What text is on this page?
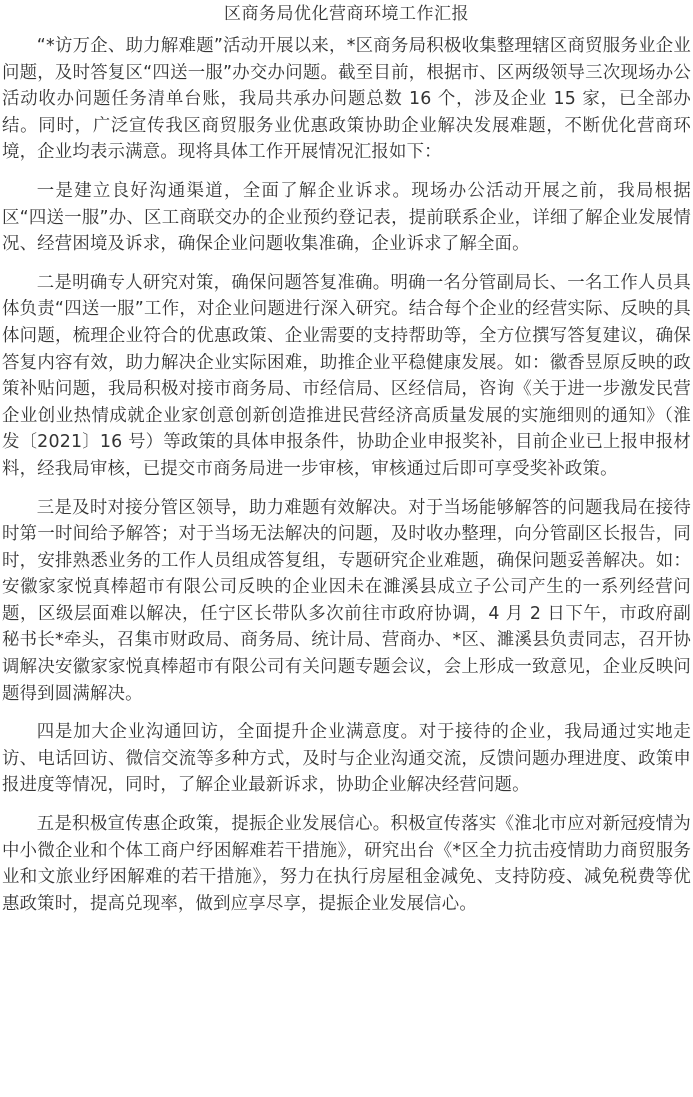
区商务局优化营商环境工作汇报

“*访万企、助力解难题”活动开展以来，*区商务局积极收集整理辖区商贸服务业企业问题，及时答复区“四送一服”办交办问题。截至目前，根据市、区两级领导三次现场办公活动收办问题任务清单台账，我局共承办问题总数 16 个，涉及企业 15 家，已全部办结。同时，广泛宣传我区商贸服务业优惠政策协助企业解决发展难题，不断优化营商环境，企业均表示满意。现将具体工作开展情况汇报如下：

一是建立良好沟通渠道，全面了解企业诉求。现场办公活动开展之前，我局根据区“四送一服”办、区工商联交办的企业预约登记表，提前联系企业，详细了解企业发展情况、经营困境及诉求，确保企业问题收集准确，企业诉求了解全面。

二是明确专人研究对策，确保问题答复准确。明确一名分管副局长、一名工作人员具体负责“四送一服”工作，对企业问题进行深入研究。结合每个企业的经营实际、反映的具体问题，梳理企业符合的优惠政策、企业需要的支持帮助等，全方位撰写答复建议，确保答复内容有效，助力解决企业实际困难，助推企业平稳健康发展。如：徽香昱原反映的政策补贴问题，我局积极对接市商务局、市经信局、区经信局，咨询《关于进一步激发民营企业创业热情成就企业家创意创新创造推进民营经济高质量发展的实施细则的通知》（淮发〔2021〕16 号）等政策的具体申报条件，协助企业申报奖补，目前企业已上报申报材料，经我局审核，已提交市商务局进一步审核，审核通过后即可享受奖补政策。

三是及时对接分管区领导，助力难题有效解决。对于当场能够解答的问题我局在接待时第一时间给予解答；对于当场无法解决的问题，及时收办整理，向分管副区长报告，同时，安排熟悉业务的工作人员组成答复组，专题研究企业难题，确保问题妥善解决。如：安徽家家悦真棒超市有限公司反映的企业因未在濉溪县成立子公司产生的一系列经营问题，区级层面难以解决，任宁区长带队多次前往市政府协调，4 月 2 日下午，市政府副秘书长*牵头，召集市财政局、商务局、统计局、营商办、*区、濉溪县负责同志，召开协调解决安徽家家悦真棒超市有限公司有关问题专题会议，会上形成一致意见，企业反映问题得到圆满解决。

四是加大企业沟通回访，全面提升企业满意度。对于接待的企业，我局通过实地走访、电话回访、微信交流等多种方式，及时与企业沟通交流，反馈问题办理进度、政策申报进度等情况，同时，了解企业最新诉求，协助企业解决经营问题。

五是积极宣传惠企政策，提振企业发展信心。积极宣传落实《淮北市应对新冠疫情为中小微企业和个体工商户纾困解难若干措施》，研究出台《*区全力抗击疫情助力商贸服务业和文旅业纾困解难的若干措施》，努力在执行房屋租金减免、支持防疫、减免税费等优惠政策时，提高兑现率，做到应享尽享，提振企业发展信心。
